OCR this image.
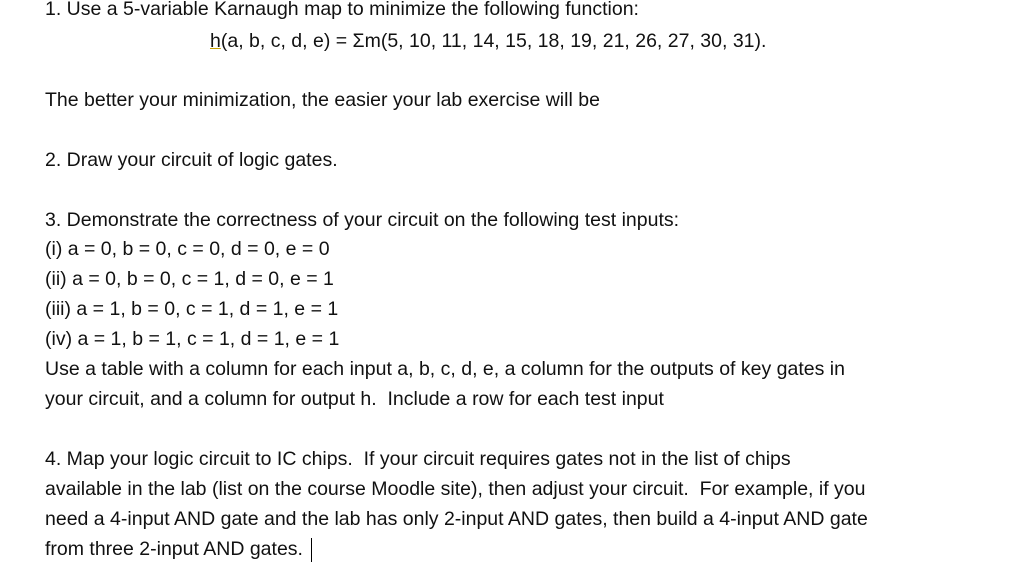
1. Use a 5-variable Karnaugh map to minimize the following function:
h(a, b, c, d, e) = Σm(5, 10, 11, 14, 15, 18, 19, 21, 26, 27, 30, 31).
The better your minimization, the easier your lab exercise will be
2. Draw your circuit of logic gates.
3. Demonstrate the correctness of your circuit on the following test inputs:
(i) a = 0, b = 0, c = 0, d = 0, e = 0
(ii) a = 0, b = 0, c = 1, d = 0, e = 1
(iii) a = 1, b = 0, c = 1, d = 1, e = 1
(iv) a = 1, b = 1, c = 1, d = 1, e = 1
Use a table with a column for each input a, b, c, d, e, a column for the outputs of key gates in
your circuit, and a column for output h.  Include a row for each test input
4. Map your logic circuit to IC chips.  If your circuit requires gates not in the list of chips
available in the lab (list on the course Moodle site), then adjust your circuit.  For example, if you
need a 4-input AND gate and the lab has only 2-input AND gates, then build a 4-input AND gate
from three 2-input AND gates.
